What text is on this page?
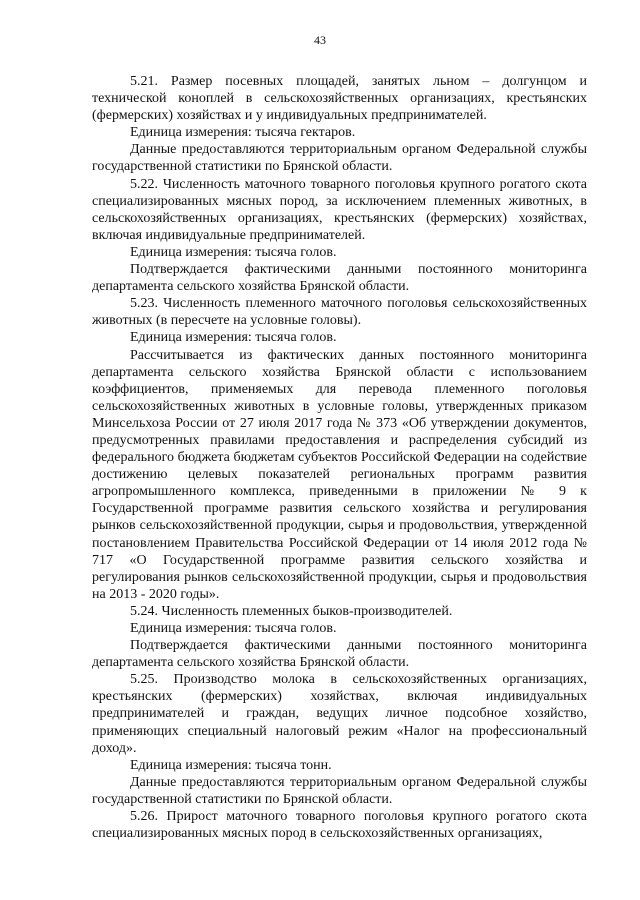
43

5.21. Размер посевных площадей, занятых льном – долгунцом и технической коноплей в сельскохозяйственных организациях, крестьянских (фермерских) хозяйствах и у индивидуальных предпринимателей.

Единица измерения: тысяча гектаров.

Данные предоставляются территориальным органом Федеральной службы государственной статистики по Брянской области.

5.22. Численность маточного товарного поголовья крупного рогатого скота специализированных мясных пород, за исключением племенных животных, в сельскохозяйственных организациях, крестьянских (фермерских) хозяйствах, включая индивидуальные предпринимателей.

Единица измерения: тысяча голов.

Подтверждается фактическими данными постоянного мониторинга департамента сельского хозяйства Брянской области.

5.23. Численность племенного маточного поголовья сельскохозяйственных животных (в пересчете на условные головы).

Единица измерения: тысяча голов.

Рассчитывается из фактических данных постоянного мониторинга департамента сельского хозяйства Брянской области с использованием коэффициентов, применяемых для перевода племенного поголовья сельскохозяйственных животных в условные головы, утвержденных приказом Минсельхоза России от 27 июля 2017 года № 373 «Об утверждении документов, предусмотренных правилами предоставления и распределения субсидий из федерального бюджета бюджетам субъектов Российской Федерации на содействие достижению целевых показателей региональных программ развития агропромышленного комплекса, приведенными в приложении № 9 к Государственной программе развития сельского хозяйства и регулирования рынков сельскохозяйственной продукции, сырья и продовольствия, утвержденной постановлением Правительства Российской Федерации от 14 июля 2012 года № 717 «О Государственной программе развития сельского хозяйства и регулирования рынков сельскохозяйственной продукции, сырья и продовольствия на 2013 - 2020 годы».

5.24. Численность племенных быков-производителей.

Единица измерения: тысяча голов.

Подтверждается фактическими данными постоянного мониторинга департамента сельского хозяйства Брянской области.

5.25. Производство молока в сельскохозяйственных организациях, крестьянских (фермерских) хозяйствах, включая индивидуальных предпринимателей и граждан, ведущих личное подсобное хозяйство, применяющих специальный налоговый режим «Налог на профессиональный доход».

Единица измерения: тысяча тонн.

Данные предоставляются территориальным органом Федеральной службы государственной статистики по Брянской области.

5.26. Прирост маточного товарного поголовья крупного рогатого скота специализированных мясных пород в сельскохозяйственных организациях,
